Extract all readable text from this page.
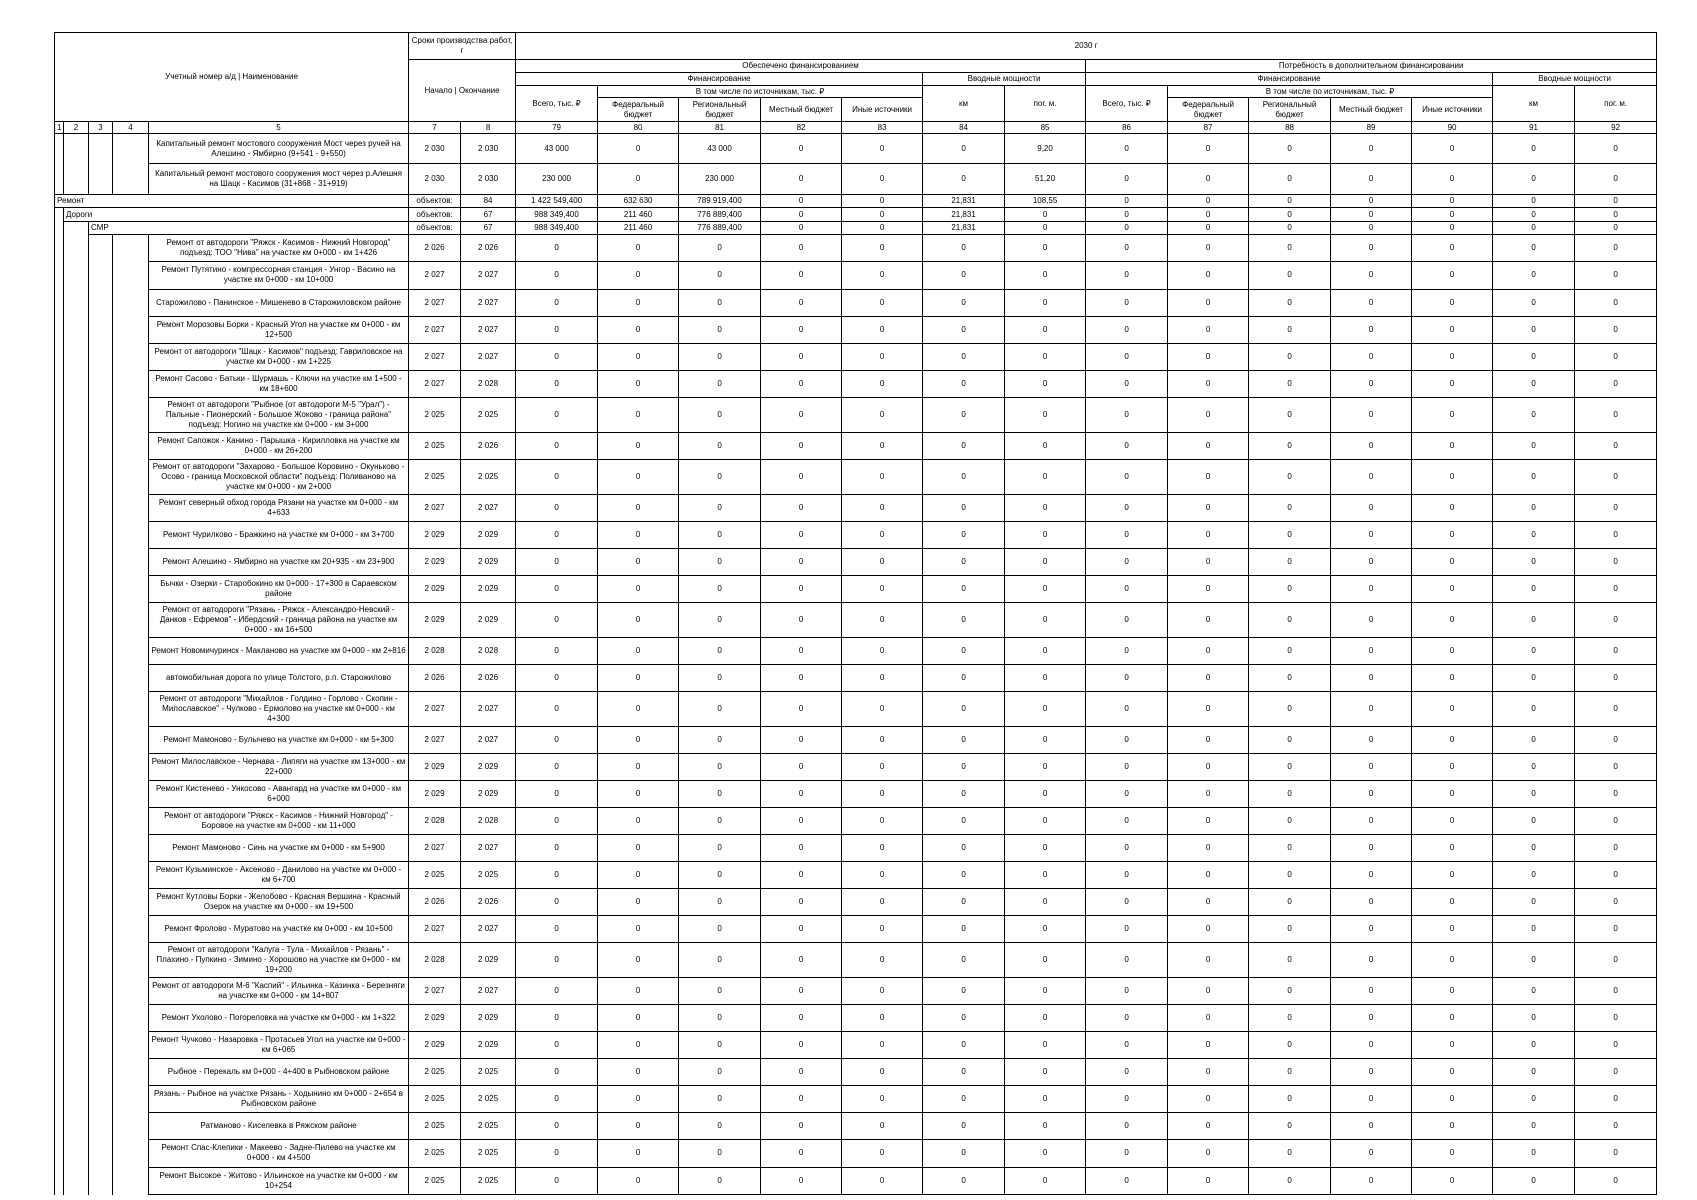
Учетный номер а/д | Наименование					Сроки производства работ, г		2030 г													
					Начало | Окончание		Обеспечено финансированием							Потребность в дополнительном финансировании						
							Финансирование					Вводные мощности		Финансирование					Вводные мощности	
							Всего, тыс. ₽	В том числе по источникам, тыс. ₽				км	пог. м.	Всего, тыс. ₽	В том числе по источникам, тыс. ₽				км	пог. м.
								Федеральный бюджет	Региональный бюджет	Местный бюджет	Иные источники				Федеральный бюджет	Региональный бюджет	Местный бюджет	Иные источники		
1	2	3	4	5	7	8	79	80	81	82	83	84	85	86	87	88	89	90	91	92
				Капитальный ремонт мостового сооружения Мост через ручей на Алешино - Ямбирно (9+541 - 9+550)	2 030	2 030	43 000	0	43 000	0	0	0	9,20	0	0	0	0	0	0	0
				Капитальный ремонт мостового сооружения мост через р.Алешня на Шацк - Касимов (31+868 - 31+919)	2 030	2 030	230 000	0	230 000	0	0	0	51,20	0	0	0	0	0	0	0
Ремонт					объектов:	84	1 422 549,400	632 630	789 919,400	0	0	21,831	108,55	0	0	0	0	0	0	0
	Дороги				объектов:	67	988 349,400	211 460	776 889,400	0	0	21,831	0	0	0	0	0	0	0	0
		СМР			объектов:	67	988 349,400	211 460	776 889,400	0	0	21,831	0	0	0	0	0	0	0	0
				Ремонт от автодороги "Ряжск - Касимов - Нижний Новгород" подъезд: ТОО "Нива" на участке км 0+000 - км 1+426	2 026	2 026	0	0	0	0	0	0	0	0	0	0	0	0	0	0
				Ремонт Путятино - компрессорная станция - Унгор - Васино на участке км 0+000 - км 10+000	2 027	2 027	0	0	0	0	0	0	0	0	0	0	0	0	0	0
				Старожилово - Панинское - Мишенево в Старожиловском районе	2 027	2 027	0	0	0	0	0	0	0	0	0	0	0	0	0	0
				Ремонт Морозовы Борки - Красный Угол на участке км 0+000 - км 12+500	2 027	2 027	0	0	0	0	0	0	0	0	0	0	0	0	0	0
				Ремонт от автодороги "Шацк - Касимов" подъезд: Гавриловское на участке км 0+000 - км 1+225	2 027	2 027	0	0	0	0	0	0	0	0	0	0	0	0	0	0
				Ремонт Сасово - Батьки - Шурмашь - Ключи на участке км 1+500 - км 18+600	2 027	2 028	0	0	0	0	0	0	0	0	0	0	0	0	0	0
				Ремонт от автодороги "Рыбное (от автодороги М-5 "Урал") - Пальные - Пионерский - Большое Жоково - граница района" подъезд: Ногино на участке км 0+000 - км 3+000	2 025	2 025	0	0	0	0	0	0	0	0	0	0	0	0	0	0
				Ремонт Сапожок - Канино - Парышка - Кирилловка на участке км 0+000 - км 26+200	2 025	2 026	0	0	0	0	0	0	0	0	0	0	0	0	0	0
				Ремонт от автодороги "Захарово - Большое Коровино - Окуньково - Осово - граница Московской области" подъезд: Поливаново на участке км 0+000 - км 2+000	2 025	2 025	0	0	0	0	0	0	0	0	0	0	0	0	0	0
				Ремонт северный обход города Рязани на участке км 0+000 - км 4+633	2 027	2 027	0	0	0	0	0	0	0	0	0	0	0	0	0	0
				Ремонт Чурилково - Бражкино на участке км 0+000 - км 3+700	2 029	2 029	0	0	0	0	0	0	0	0	0	0	0	0	0	0
				Ремонт Алешино - Ямбирно на участке км 20+935 - км 23+900	2 029	2 029	0	0	0	0	0	0	0	0	0	0	0	0	0	0
				Бычки - Озерки - Старобокино км 0+000 - 17+300 в Сараевском районе	2 029	2 029	0	0	0	0	0	0	0	0	0	0	0	0	0	0
				Ремонт от автодороги "Рязань - Ряжск - Александро-Невский - Данков - Ефремов" - Ибердский - граница района на участке км 0+000 - км 16+500	2 029	2 029	0	0	0	0	0	0	0	0	0	0	0	0	0	0
				Ремонт Новомичуринск - Макланово на участке км 0+000 - км 2+816	2 028	2 028	0	0	0	0	0	0	0	0	0	0	0	0	0	0
				автомобильная дорога по улице Толстого, р.п. Старожилово	2 026	2 026	0	0	0	0	0	0	0	0	0	0	0	0	0	0
				Ремонт от автодороги "Михайлов - Голдино - Горлово - Скопин - Милославское" - Чулково - Ермолово на участке км 0+000 - км 4+300	2 027	2 027	0	0	0	0	0	0	0	0	0	0	0	0	0	0
				Ремонт Мамоново - Булычево на участке км 0+000 - км 5+300	2 027	2 027	0	0	0	0	0	0	0	0	0	0	0	0	0	0
				Ремонт Милославское - Чернава - Липяги на участке км 13+000 - км 22+000	2 029	2 029	0	0	0	0	0	0	0	0	0	0	0	0	0	0
				Ремонт Кистенево - Ункосово - Авангард на участке км 0+000 - км 6+000	2 029	2 029	0	0	0	0	0	0	0	0	0	0	0	0	0	0
				Ремонт от автодороги "Ряжск - Касимов - Нижний Новгород" - Боровое на участке км 0+000 - км 11+000	2 028	2 028	0	0	0	0	0	0	0	0	0	0	0	0	0	0
				Ремонт Мамоново - Синь на участке км 0+000 - км 5+900	2 027	2 027	0	0	0	0	0	0	0	0	0	0	0	0	0	0
				Ремонт Кузьминское - Аксеново - Даниловo на участке км 0+000 - км 6+700	2 025	2 025	0	0	0	0	0	0	0	0	0	0	0	0	0	0
				Ремонт Кутловы Борки - Желобово - Красная Вершина - Красный Озерок на участке км 0+000 - км 19+500	2 026	2 026	0	0	0	0	0	0	0	0	0	0	0	0	0	0
				Ремонт Фролово - Муратово на участке км 0+000 - км 10+500	2 027	2 027	0	0	0	0	0	0	0	0	0	0	0	0	0	0
				Ремонт от автодороги "Калуга - Тула - Михайлов - Рязань" - Плахино - Пупкино - Зимино - Хорошово на участке км 0+000 - км 19+200	2 028	2 029	0	0	0	0	0	0	0	0	0	0	0	0	0	0
				Ремонт от автодороги М-6 "Каспий" - Ильинка - Казинка - Березняги на участке км 0+000 - км 14+807	2 027	2 027	0	0	0	0	0	0	0	0	0	0	0	0	0	0
				Ремонт Ухолово - Погореловка на участке км 0+000 - км 1+322	2 029	2 029	0	0	0	0	0	0	0	0	0	0	0	0	0	0
				Ремонт Чучково - Назаровка - Протасьев Угол на участке км 0+000 - км 6+065	2 029	2 029	0	0	0	0	0	0	0	0	0	0	0	0	0	0
				Рыбное - Перекаль км 0+000 - 4+400 в Рыбновском районе	2 025	2 025	0	0	0	0	0	0	0	0	0	0	0	0	0	0
				Рязань - Рыбное на участке Рязань - Ходынино км 0+000 - 2+654 в Рыбновском районе	2 025	2 025	0	0	0	0	0	0	0	0	0	0	0	0	0	0
				Ратманово - Киселевка в Ряжском районе	2 025	2 025	0	0	0	0	0	0	0	0	0	0	0	0	0	0
				Ремонт Спас-Клепики - Макеево - Задне-Пилево на участке км 0+000 - км 4+500	2 025	2 025	0	0	0	0	0	0	0	0	0	0	0	0	0	0
				Ремонт Высокое - Житово - Ильинское на участке км 0+000 - км 10+254	2 025	2 025	0	0	0	0	0	0	0	0	0	0	0	0	0	0
